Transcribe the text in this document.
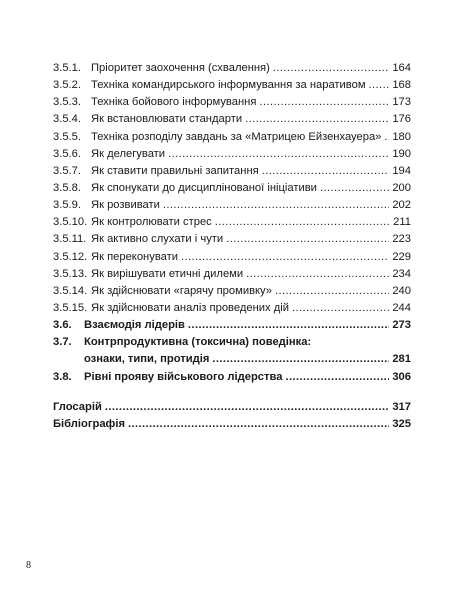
3.5.1. Пріоритет заохочення (схвалення) .....	164
3.5.2. Техніка командирського інформування за наративом ..... 168
3.5.3. Техніка бойового інформування .....	173
3.5.4. Як встановлювати стандарти .....	176
3.5.5. Техніка розподілу завдань за «Матрицею Ейзенхауера» ..... 180
3.5.6. Як делегувати .....	190
3.5.7. Як ставити правильні запитання .....	194
3.5.8. Як спонукати до дисциплінованої ініціативи .....	200
3.5.9. Як розвивати .....	202
3.5.10. Як контролювати стрес .....	211
3.5.11. Як активно слухати і чути .....	223
3.5.12. Як переконувати .....	229
3.5.13. Як вирішувати етичні дилеми .....	234
3.5.14. Як здійснювати «гарячу промивку» .....	240
3.5.15. Як здійснювати аналіз проведених дій .....	244
3.6.	Взаємодія лідерів .....	273
3.7.	Контрпродуктивна (токсична) поведінка:
ознаки, типи, протидія .....	281
3.8.	Рівні прояву військового лідерства .....	306
Глосарій .....	317
Бібліографія .....	325
8
